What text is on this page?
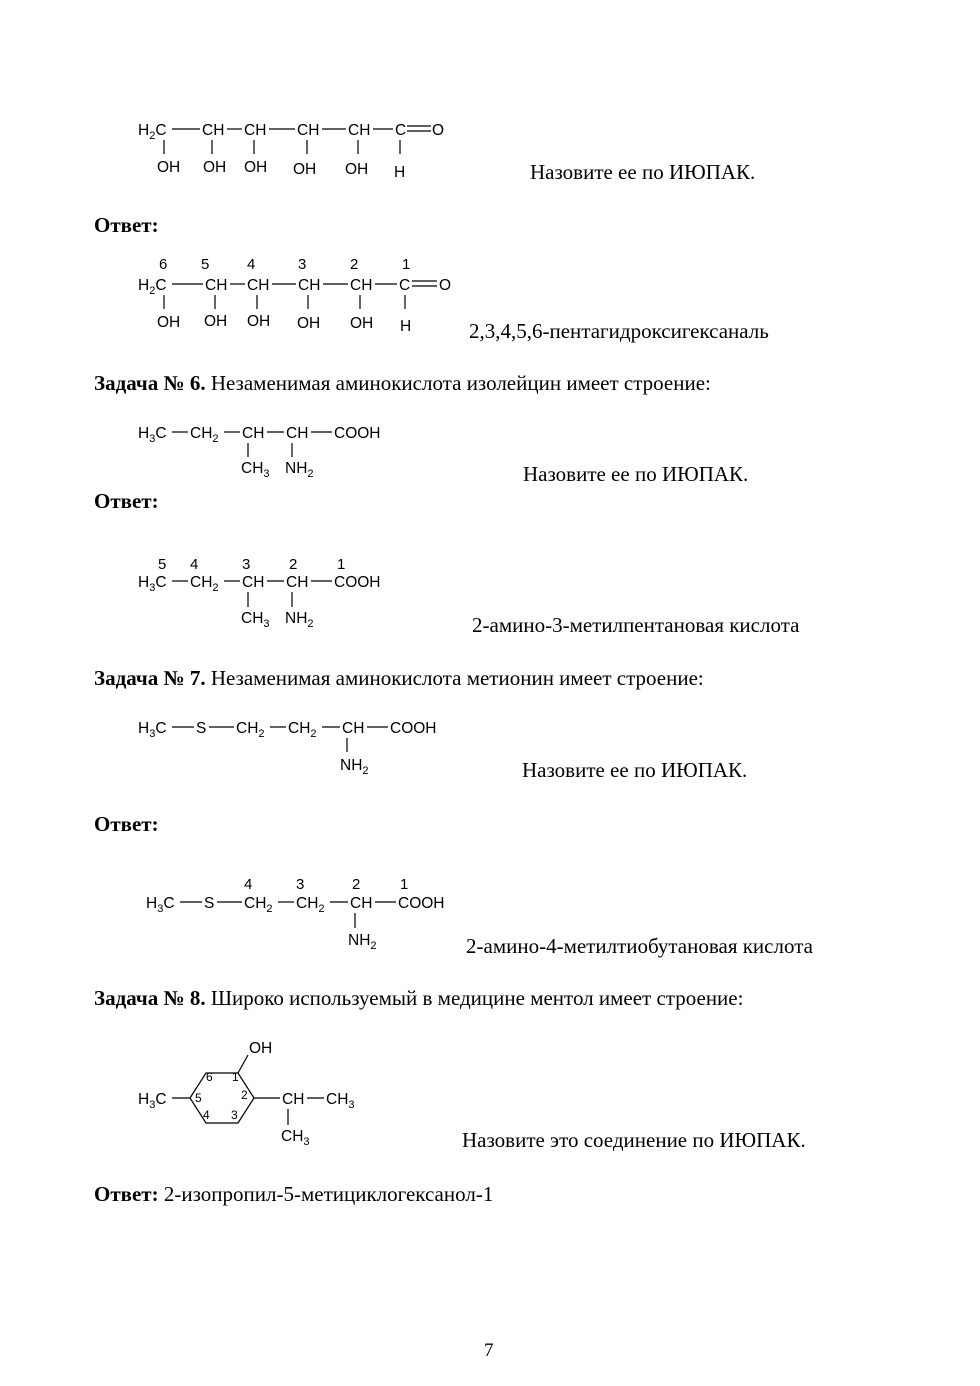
$H_2C$ CH CH CH CH C O
OH OH OH OH OH H	Назовите ее по ИЮПАК.
Ответ:
6 5	4	3	2	1
$H_2C$ CH CH CH CH C O
OH OH OH OH OH H	2,3,4,5,6-пентагидроксигексаналь
Задача № 6. Незаменимая аминокислота изолейцин имеет строение:
$H_3C$ $CH_2$ CH CH COOH
$CH_3$ $NH_2$	Назовите ее по ИЮПАК.
Ответ:
5 4	3	2	1
$H_3C$ $CH_2$ CH CH COOH
$CH_3$ $NH_2$	2-амино-3-метилпентановая кислота
Задача № 7. Незаменимая аминокислота метионин имеет строение:
$H_3C$ S $CH_2$ $CH_2$ CH COOH
$NH_2$	Назовите ее по ИЮПАК.
Ответ:
4	3	2	1
$H_3C$ S $CH_2$ $CH_2$ CH COOH
$NH_2$	2-амино-4-метилтиобутановая кислота
Задача № 8. Широко используемый в медицине ментол имеет строение:
OH
$H_3C$	CH $CH_3$
$CH_3$
6 1
5	2
4 3
Назовите это соединение по ИЮПАК.
Ответ: 2-изопропил-5-метициклогексанол-1
7
